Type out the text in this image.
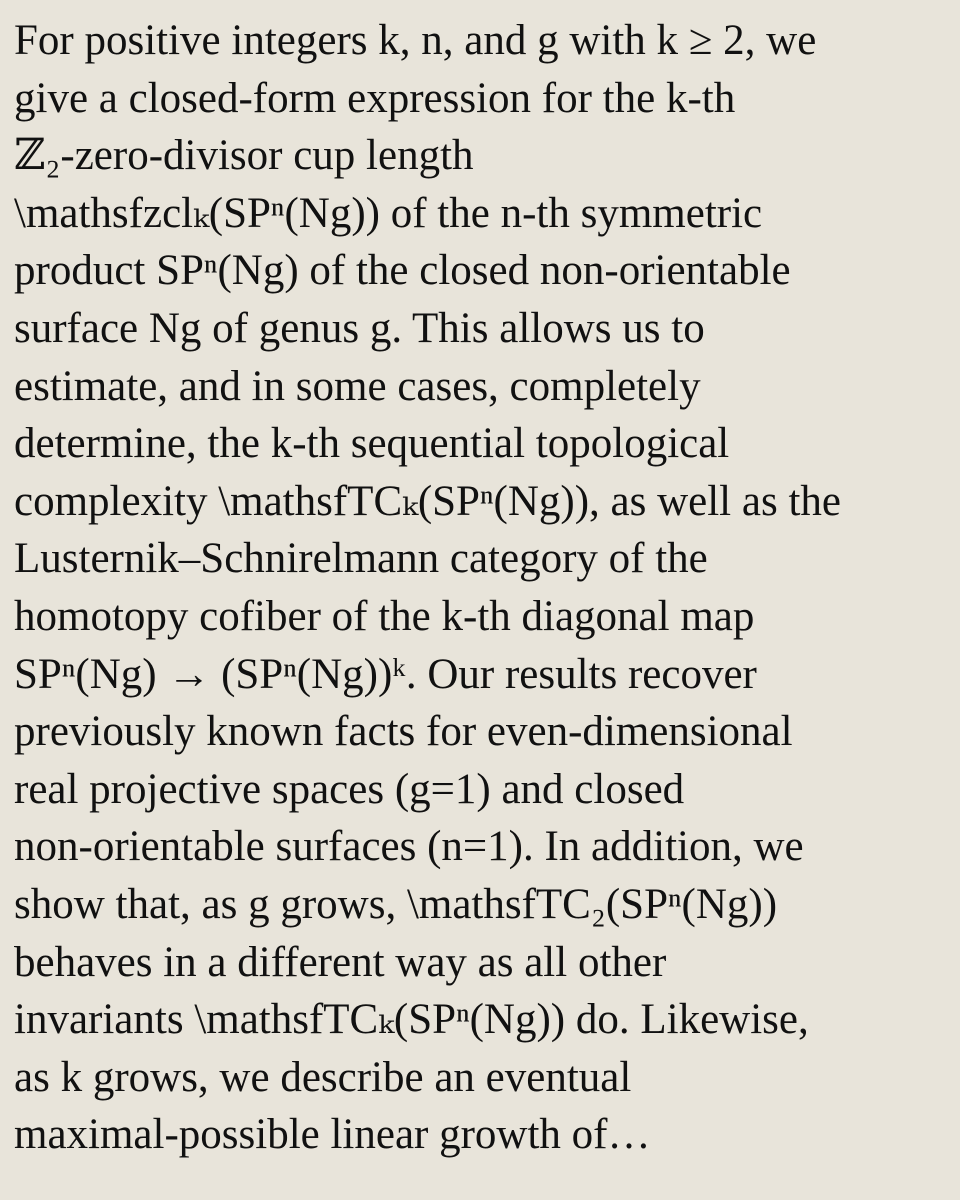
For positive integers k, n, and g with k ≥ 2, we
give a closed-form expression for the k-th
ℤ₂-zero-divisor cup length
\mathsfzclₖ(SPⁿ(Ng)) of the n-th symmetric
product SPⁿ(Ng) of the closed non-orientable
surface Ng of genus g. This allows us to
estimate, and in some cases, completely
determine, the k-th sequential topological
complexity \mathsfTCₖ(SPⁿ(Ng)), as well as the
Lusternik–Schnirelmann category of the
homotopy cofiber of the k-th diagonal map
SPⁿ(Ng) → (SPⁿ(Ng))ᵏ. Our results recover
previously known facts for even-dimensional
real projective spaces (g=1) and closed
non-orientable surfaces (n=1). In addition, we
show that, as g grows, \mathsfTC₂(SPⁿ(Ng))
behaves in a different way as all other
invariants \mathsfTCₖ(SPⁿ(Ng)) do. Likewise,
as k grows, we describe an eventual
maximal-possible linear growth of…
